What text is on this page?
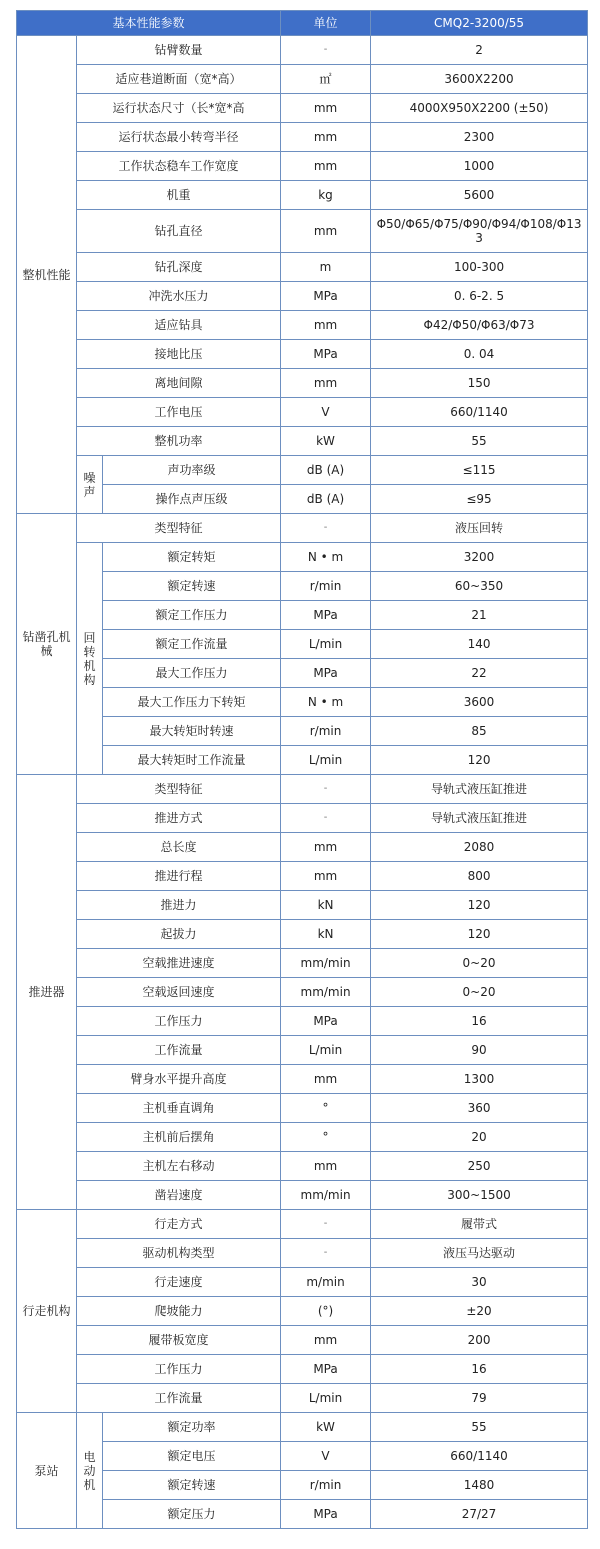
基本性能参数			单位	CMQ2-3200/55
整机性能	钻臂数量		-	2
	适应巷道断面（宽*高）		㎡	3600X2200
	运行状态尺寸（长*宽*高		mm	4000X950X2200 (±50)
	运行状态最小转弯半径		mm	2300
	工作状态稳车工作宽度		mm	1000
	机重		kg	5600
	钻孔直径		mm	Φ50/Φ65/Φ75/Φ90/Φ94/Φ108/Φ133
	钻孔深度		m	100-300
	冲洗水压力		MPa	0. 6-2. 5
	适应钻具		mm	Φ42/Φ50/Φ63/Φ73
	接地比压		MPa	0. 04
	离地间隙		mm	150
	工作电压		V	660/1140
	整机功率		kW	55
	噪声	声功率级	dB (A)	≤115
		操作点声压级	dB (A)	≤95
钻凿孔机械	类型特征		-	液压回转
	回转机构	额定转矩	N • m	3200
		额定转速	r/min	60~350
		额定工作压力	MPa	21
		额定工作流量	L/min	140
		最大工作压力	MPa	22
		最大工作压力下转矩	N • m	3600
		最大转矩时转速	r/min	85
		最大转矩时工作流量	L/min	120
推进器	类型特征		-	导轨式液压缸推进
	推进方式		-	导轨式液压缸推进
	总长度		mm	2080
	推进行程		mm	800
	推进力		kN	120
	起拔力		kN	120
	空载推进速度		mm/min	0~20
	空载返回速度		mm/min	0~20
	工作压力		MPa	16
	工作流量		L/min	90
	臂身水平提升高度		mm	1300
	主机垂直调角		°	360
	主机前后摆角		°	20
	主机左右移动		mm	250
	凿岩速度		mm/min	300~1500
行走机构	行走方式		-	履带式
	驱动机构类型		-	液压马达驱动
	行走速度		m/min	30
	爬坡能力		(°)	±20
	履带板宽度		mm	200
	工作压力		MPa	16
	工作流量		L/min	79
泵站	电动机	额定功率	kW	55
		额定电压	V	660/1140
		额定转速	r/min	1480
		额定压力	MPa	27/27
